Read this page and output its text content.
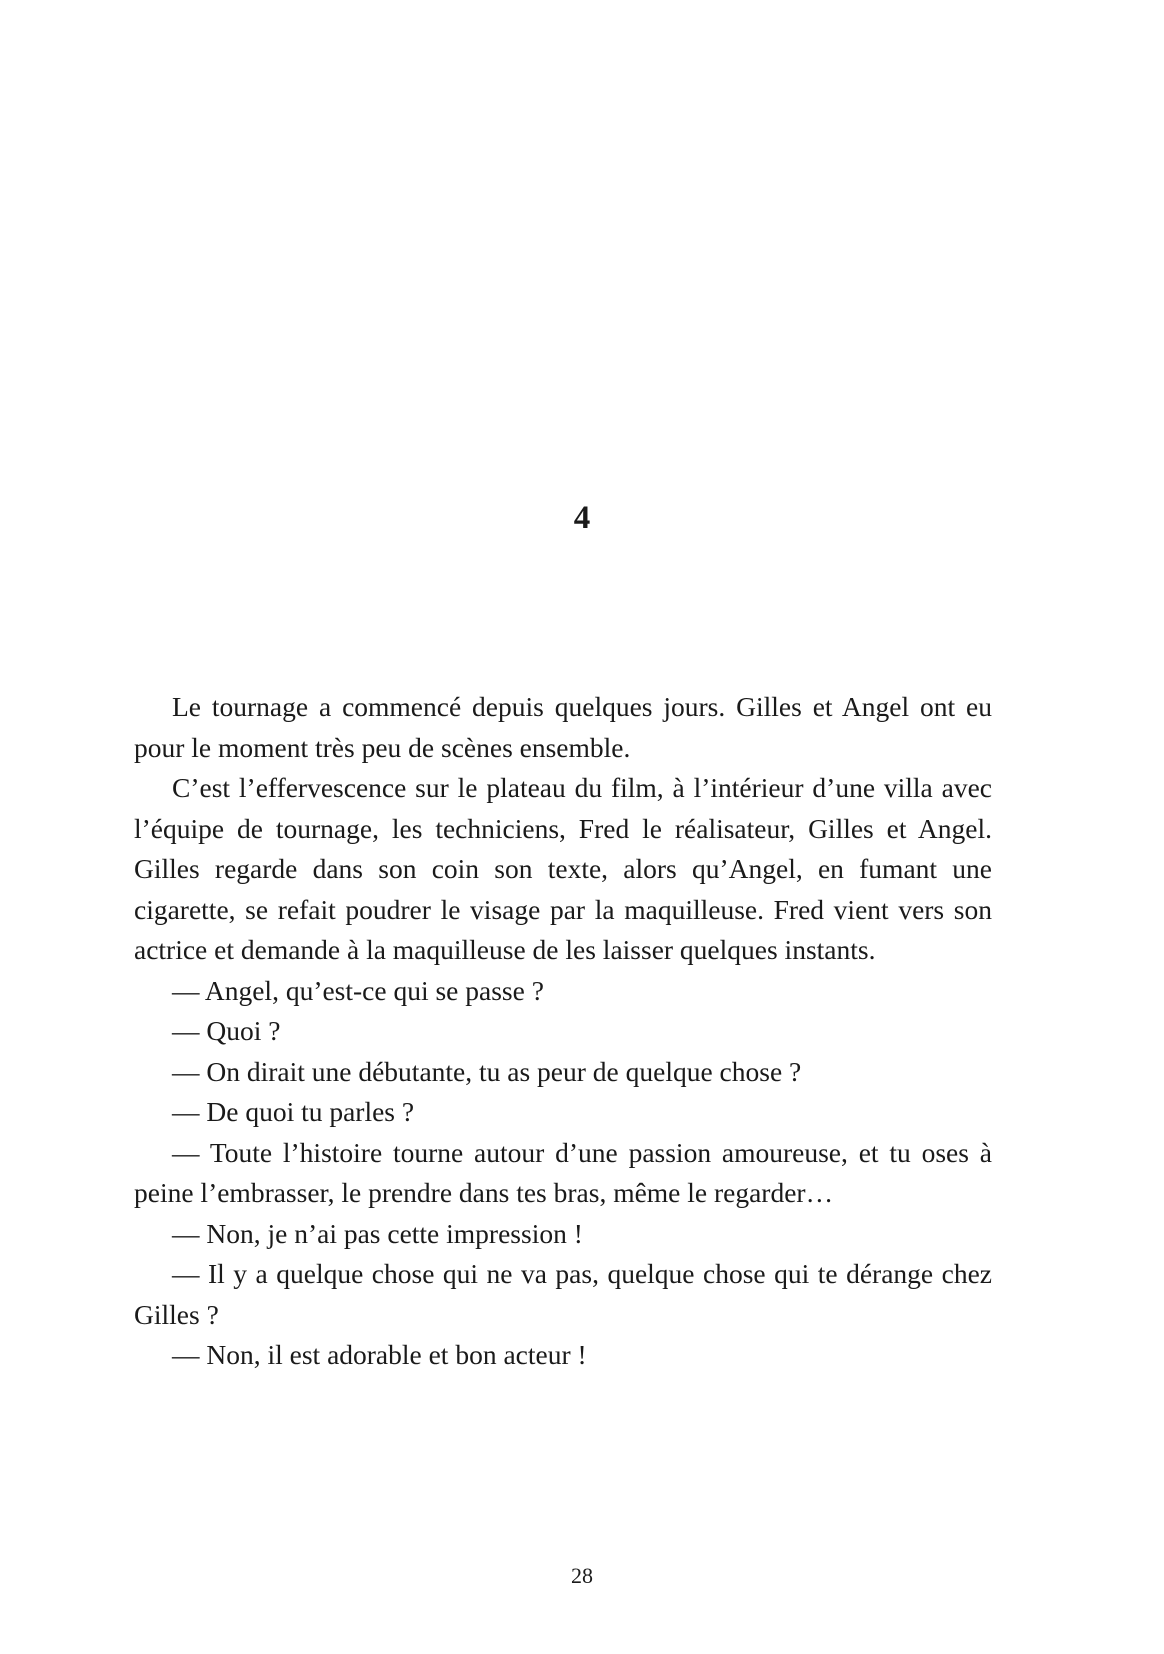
4

Le tournage a commencé depuis quelques jours. Gilles et Angel ont eu pour le moment très peu de scènes ensemble.

C’est l’effervescence sur le plateau du film, à l’intérieur d’une villa avec l’équipe de tournage, les techniciens, Fred le réalisateur, Gilles et Angel. Gilles regarde dans son coin son texte, alors qu’Angel, en fumant une cigarette, se refait poudrer le visage par la maquilleuse. Fred vient vers son actrice et demande à la maquilleuse de les laisser quelques instants.

— Angel, qu’est-ce qui se passe ?

— Quoi ?

— On dirait une débutante, tu as peur de quelque chose ?

— De quoi tu parles ?

— Toute l’histoire tourne autour d’une passion amoureuse, et tu oses à peine l’embrasser, le prendre dans tes bras, même le regarder…

— Non, je n’ai pas cette impression !

— Il y a quelque chose qui ne va pas, quelque chose qui te dérange chez Gilles ?

— Non, il est adorable et bon acteur !

28
